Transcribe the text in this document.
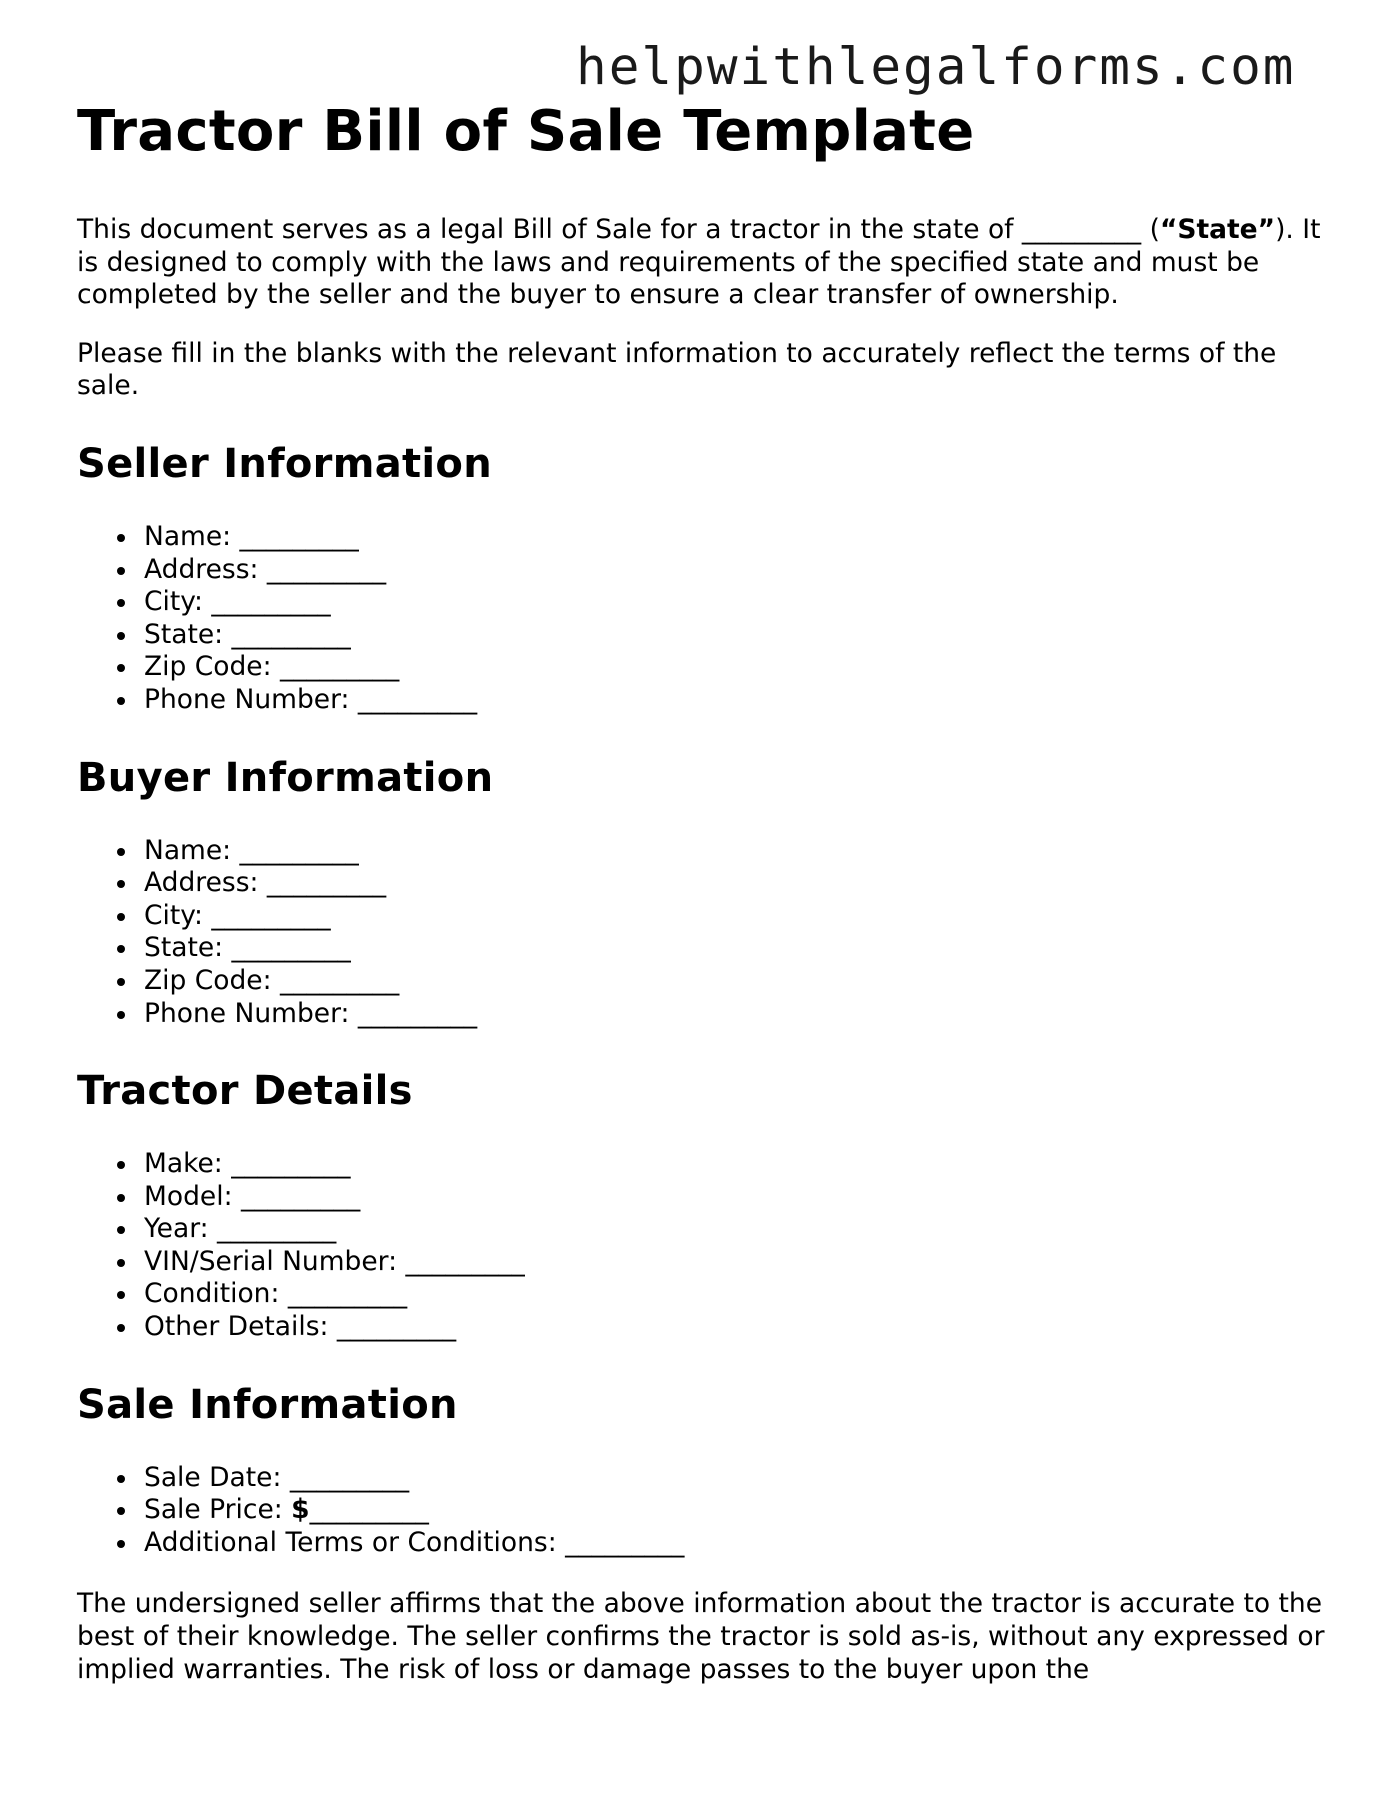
helpwithlegalforms.com
Tractor Bill of Sale Template

This document serves as a legal Bill of Sale for a tractor in the state of _________ (“State”). It is designed to comply with the laws and requirements of the specified state and must be completed by the seller and the buyer to ensure a clear transfer of ownership.

Please fill in the blanks with the relevant information to accurately reflect the terms of the sale.

Seller Information
Name: _________
Address: _________
City: _________
State: _________
Zip Code: _________
Phone Number: _________
Buyer Information
Name: _________
Address: _________
City: _________
State: _________
Zip Code: _________
Phone Number: _________
Tractor Details
Make: _________
Model: _________
Year: _________
VIN/Serial Number: _________
Condition: _________
Other Details: _________
Sale Information
Sale Date: _________
Sale Price: $_________
Additional Terms or Conditions: _________

The undersigned seller affirms that the above information about the tractor is accurate to the best of their knowledge. The seller confirms the tractor is sold as-is, without any expressed or implied warranties. The risk of loss or damage passes to the buyer upon the
